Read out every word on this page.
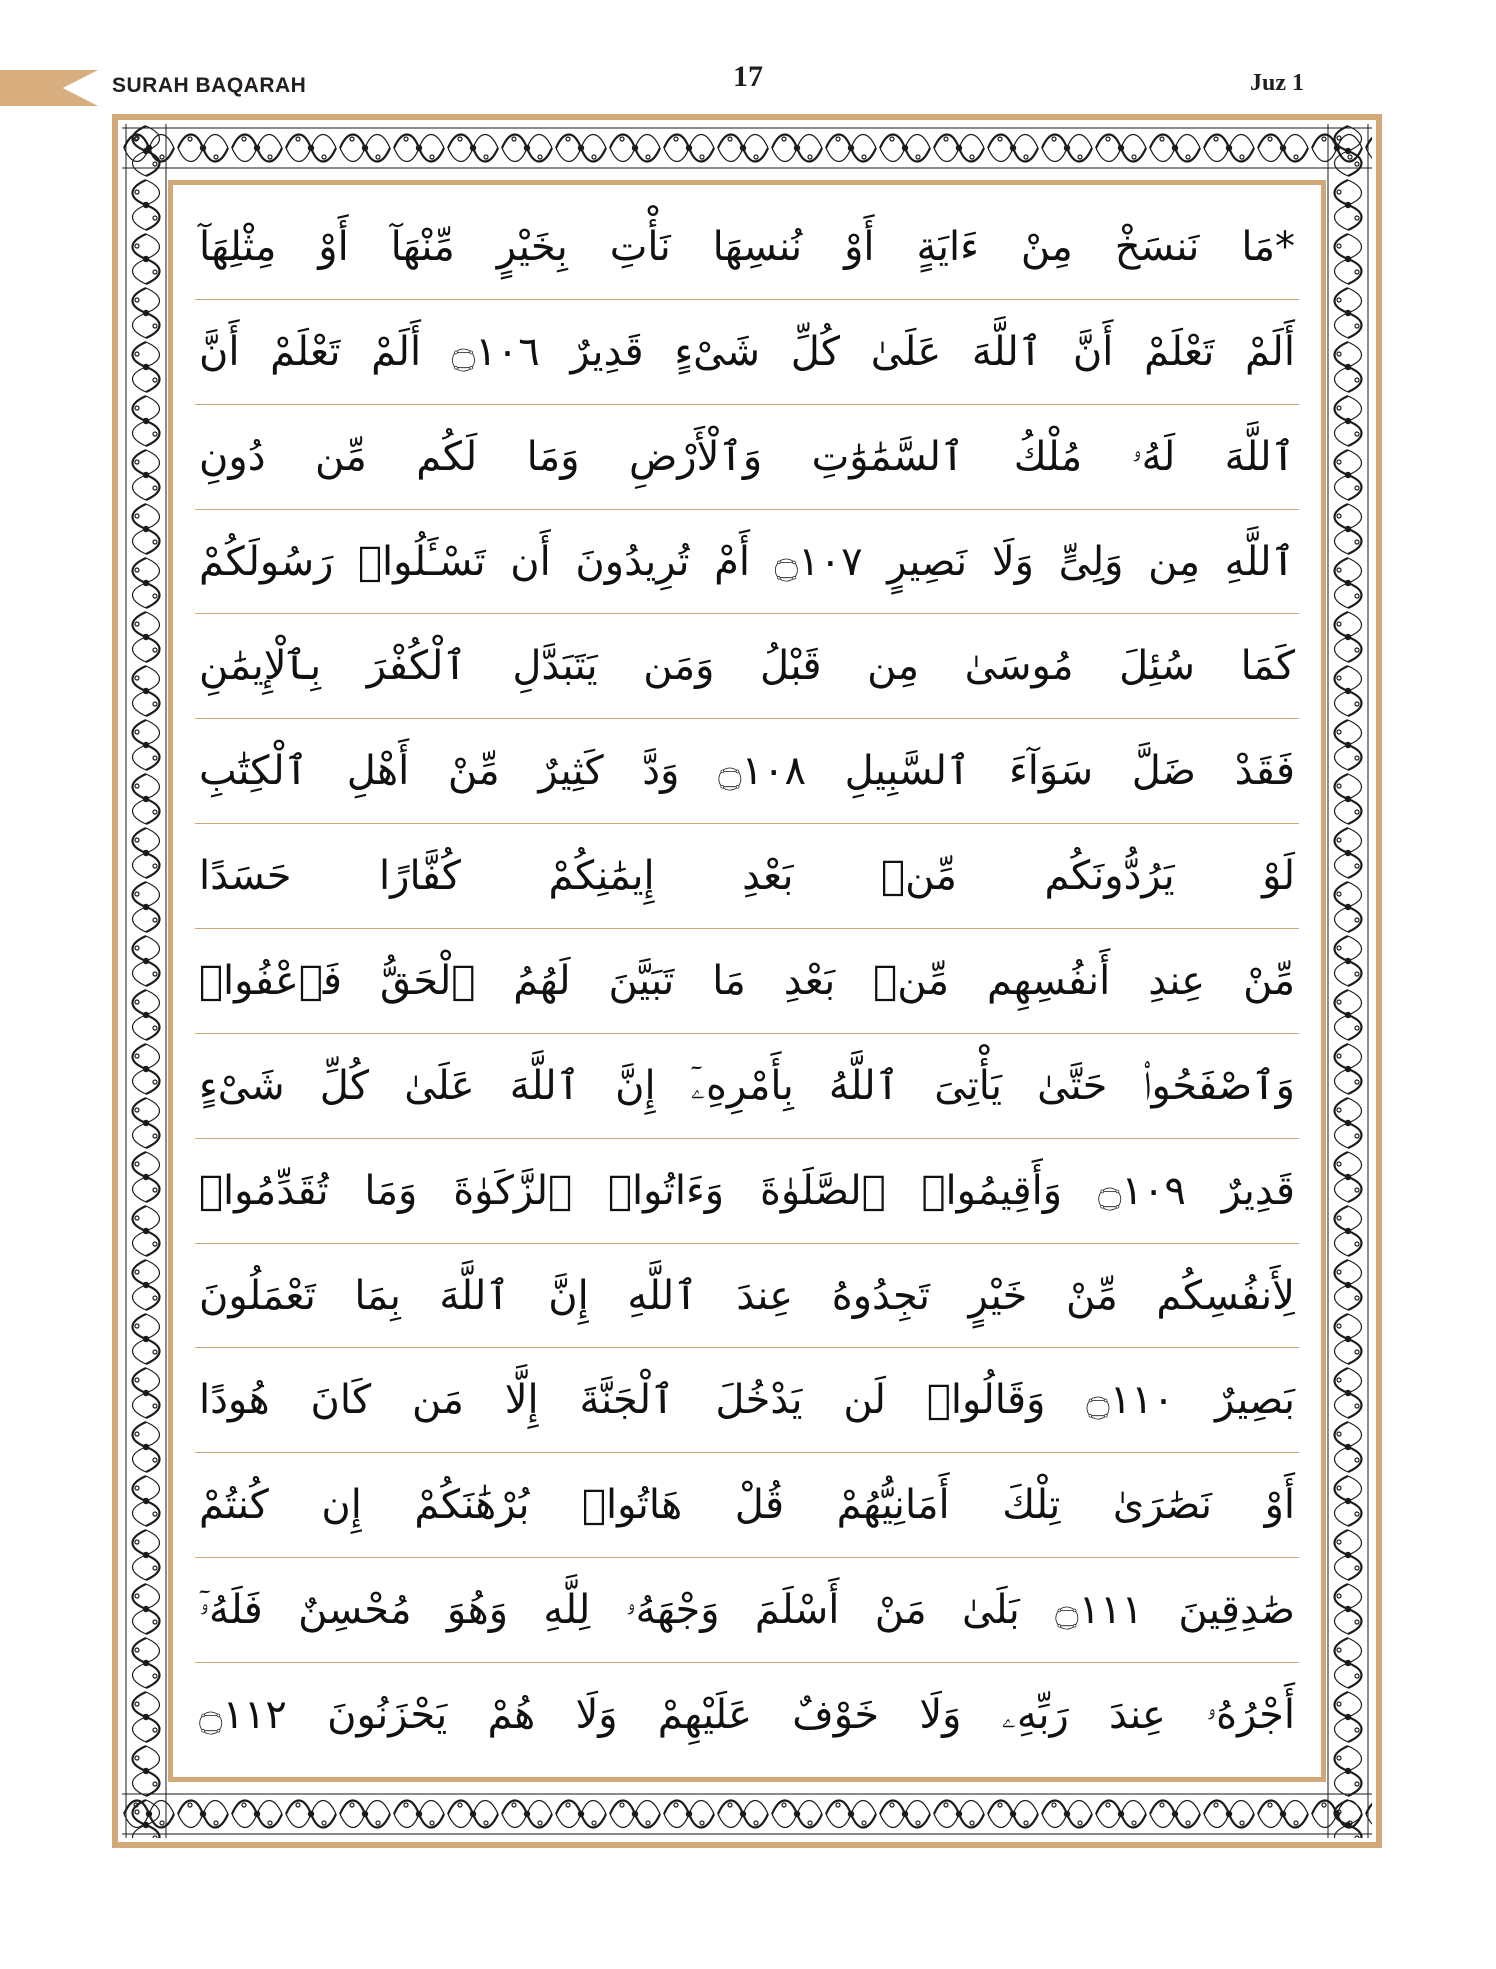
SURAH BAQARAH	17	Juz 1
*مَا نَنسَخْ مِنْ ءَايَةٍ أَوْ نُنسِهَا نَأْتِ بِخَيْرٍ مِّنْهَآ أَوْ مِثْلِهَآ
أَلَمْ تَعْلَمْ أَنَّ ٱللَّهَ عَلَىٰ كُلِّ شَىْءٍ قَدِيرٌ ۝١٠٦ أَلَمْ تَعْلَمْ أَنَّ
ٱللَّهَ لَهُۥ مُلْكُ ٱلسَّمَٰوَٰتِ وَٱلْأَرْضِ وَمَا لَكُم مِّن دُونِ
ٱللَّهِ مِن وَلِىٍّ وَلَا نَصِيرٍ ۝١٠٧ أَمْ تُرِيدُونَ أَن تَسْـَٔلُوا۟ رَسُولَكُمْ
كَمَا سُئِلَ مُوسَىٰ مِن قَبْلُ وَمَن يَتَبَدَّلِ ٱلْكُفْرَ بِٱلْإِيمَٰنِ
فَقَدْ ضَلَّ سَوَآءَ ٱلسَّبِيلِ ۝١٠٨ وَدَّ كَثِيرٌ مِّنْ أَهْلِ ٱلْكِتَٰبِ
لَوْ يَرُدُّونَكُم مِّنۢ بَعْدِ إِيمَٰنِكُمْ كُفَّارًا حَسَدًا
مِّنْ عِندِ أَنفُسِهِم مِّنۢ بَعْدِ مَا تَبَيَّنَ لَهُمُ ٱلْحَقُّ فَٱعْفُوا۟
وَٱصْفَحُوا۟ حَتَّىٰ يَأْتِىَ ٱللَّهُ بِأَمْرِهِۦٓ إِنَّ ٱللَّهَ عَلَىٰ كُلِّ شَىْءٍ
قَدِيرٌ ۝١٠٩ وَأَقِيمُوا۟ ٱلصَّلَوٰةَ وَءَاتُوا۟ ٱلزَّكَوٰةَ وَمَا تُقَدِّمُوا۟
لِأَنفُسِكُم مِّنْ خَيْرٍ تَجِدُوهُ عِندَ ٱللَّهِ إِنَّ ٱللَّهَ بِمَا تَعْمَلُونَ
بَصِيرٌ ۝١١٠ وَقَالُوا۟ لَن يَدْخُلَ ٱلْجَنَّةَ إِلَّا مَن كَانَ هُودًا
أَوْ نَصَٰرَىٰ تِلْكَ أَمَانِيُّهُمْ قُلْ هَاتُوا۟ بُرْهَٰنَكُمْ إِن كُنتُمْ
صَٰدِقِينَ ۝١١١ بَلَىٰ مَنْ أَسْلَمَ وَجْهَهُۥ لِلَّهِ وَهُوَ مُحْسِنٌ فَلَهُۥٓ
أَجْرُهُۥ عِندَ رَبِّهِۦ وَلَا خَوْفٌ عَلَيْهِمْ وَلَا هُمْ يَحْزَنُونَ ۝١١٢
